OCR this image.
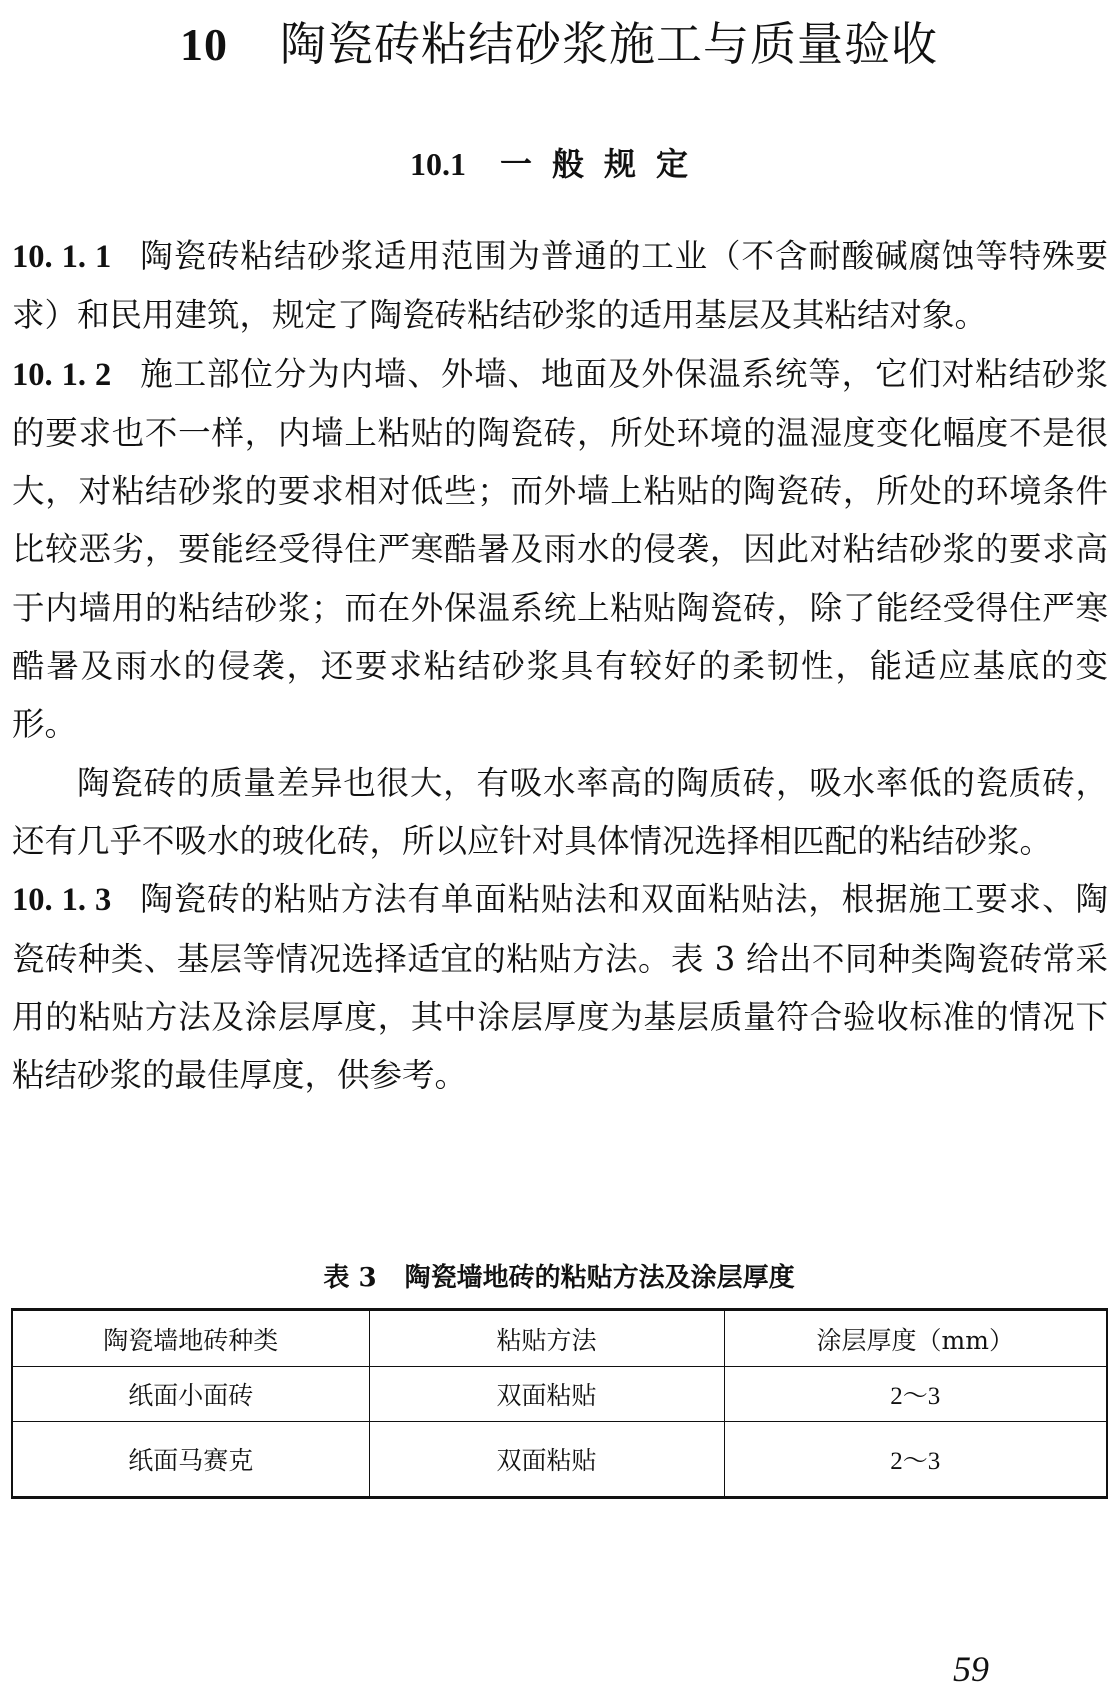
10 陶瓷砖粘结砂浆施工与质量验收
10.1 一般规定

10. 1. 1 陶瓷砖粘结砂浆适用范围为普通的工业（不含耐酸碱腐蚀等特殊要求）和民用建筑，规定了陶瓷砖粘结砂浆的适用基层及其粘结对象。

10. 1. 2 施工部位分为内墙、外墙、地面及外保温系统等，它们对粘结砂浆的要求也不一样，内墙上粘贴的陶瓷砖，所处环境的温湿度变化幅度不是很大，对粘结砂浆的要求相对低些；而外墙上粘贴的陶瓷砖，所处的环境条件比较恶劣，要能经受得住严寒酷暑及雨水的侵袭，因此对粘结砂浆的要求高于内墙用的粘结砂浆；而在外保温系统上粘贴陶瓷砖，除了能经受得住严寒酷暑及雨水的侵袭，还要求粘结砂浆具有较好的柔韧性，能适应基底的变形。

陶瓷砖的质量差异也很大，有吸水率高的陶质砖，吸水率低的瓷质砖，还有几乎不吸水的玻化砖，所以应针对具体情况选择相匹配的粘结砂浆。

10. 1. 3 陶瓷砖的粘贴方法有单面粘贴法和双面粘贴法，根据施工要求、陶瓷砖种类、基层等情况选择适宜的粘贴方法。表 3 给出不同种类陶瓷砖常采用的粘贴方法及涂层厚度，其中涂层厚度为基层质量符合验收标准的情况下粘结砂浆的最佳厚度，供参考。

表 3 陶瓷墙地砖的粘贴方法及涂层厚度
陶瓷墙地砖种类	粘贴方法	涂层厚度（mm）
纸面小面砖	双面粘贴	2～3
纸面马赛克	双面粘贴	2～3
59
